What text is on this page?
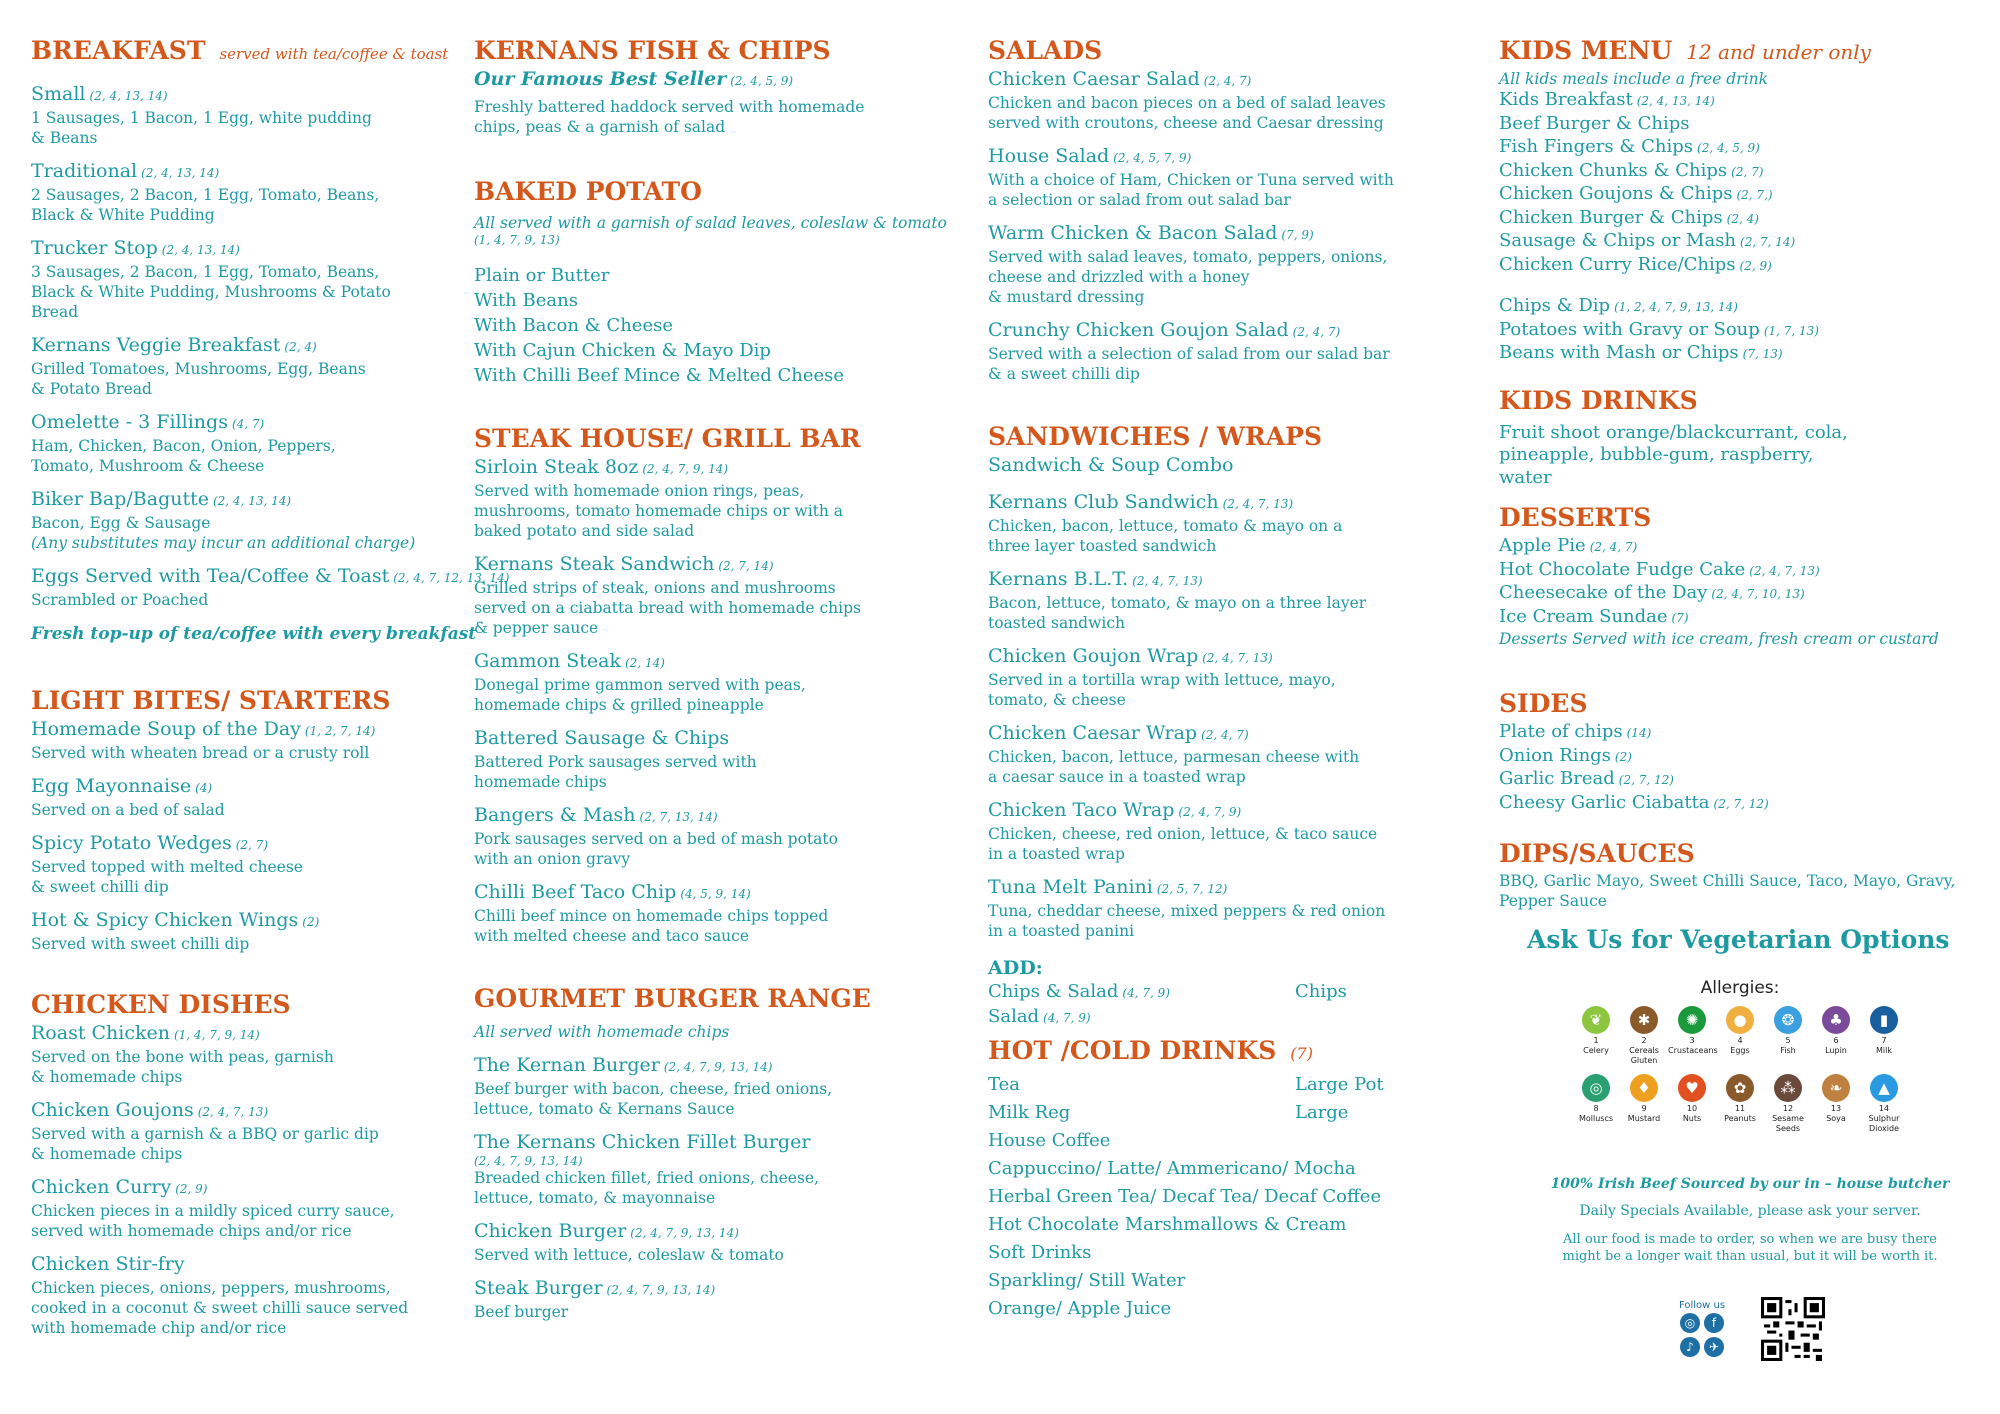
BREAKFAST served with tea/coffee & toast
Small (2, 4, 13, 14)
1 Sausages, 1 Bacon, 1 Egg, white pudding
& Beans
Traditional (2, 4, 13, 14)
2 Sausages, 2 Bacon, 1 Egg, Tomato, Beans,
Black & White Pudding
Trucker Stop (2, 4, 13, 14)
3 Sausages, 2 Bacon, 1 Egg, Tomato, Beans,
Black & White Pudding, Mushrooms & Potato
Bread
Kernans Veggie Breakfast (2, 4)
Grilled Tomatoes, Mushrooms, Egg, Beans
& Potato Bread
Omelette - 3 Fillings (4, 7)
Ham, Chicken, Bacon, Onion, Peppers,
Tomato, Mushroom & Cheese
Biker Bap/Bagutte (2, 4, 13, 14)
Bacon, Egg & Sausage
(Any substitutes may incur an additional charge)
Eggs Served with Tea/Coffee & Toast (2, 4, 7, 12, 13, 14)
Scrambled or Poached
Fresh top-up of tea/coffee with every breakfast
LIGHT BITES/ STARTERS
Homemade Soup of the Day (1, 2, 7, 14)
Served with wheaten bread or a crusty roll
Egg Mayonnaise (4)
Served on a bed of salad
Spicy Potato Wedges (2, 7)
Served topped with melted cheese
& sweet chilli dip
Hot & Spicy Chicken Wings (2)
Served with sweet chilli dip
CHICKEN DISHES
Roast Chicken (1, 4, 7, 9, 14)
Served on the bone with peas, garnish
& homemade chips
Chicken Goujons (2, 4, 7, 13)
Served with a garnish & a BBQ or garlic dip
& homemade chips
Chicken Curry (2, 9)
Chicken pieces in a mildly spiced curry sauce,
served with homemade chips and/or rice
Chicken Stir-fry
Chicken pieces, onions, peppers, mushrooms,
cooked in a coconut & sweet chilli sauce served
with homemade chip and/or rice
KERNANS FISH & CHIPS
Our Famous Best Seller (2, 4, 5, 9)
Freshly battered haddock served with homemade
chips, peas & a garnish of salad
BAKED POTATO
All served with a garnish of salad leaves, coleslaw & tomato
(1, 4, 7, 9, 13)
Plain or Butter
With Beans
With Bacon & Cheese
With Cajun Chicken & Mayo Dip
With Chilli Beef Mince & Melted Cheese
STEAK HOUSE/ GRILL BAR
Sirloin Steak 8oz (2, 4, 7, 9, 14)
Served with homemade onion rings, peas,
mushrooms, tomato homemade chips or with a
baked potato and side salad
Kernans Steak Sandwich (2, 7, 14)
Grilled strips of steak, onions and mushrooms
served on a ciabatta bread with homemade chips
& pepper sauce
Gammon Steak (2, 14)
Donegal prime gammon served with peas,
homemade chips & grilled pineapple
Battered Sausage & Chips
Battered Pork sausages served with
homemade chips
Bangers & Mash (2, 7, 13, 14)
Pork sausages served on a bed of mash potato
with an onion gravy
Chilli Beef Taco Chip (4, 5, 9, 14)
Chilli beef mince on homemade chips topped
with melted cheese and taco sauce
GOURMET BURGER RANGE
All served with homemade chips
The Kernan Burger (2, 4, 7, 9, 13, 14)
Beef burger with bacon, cheese, fried onions,
lettuce, tomato & Kernans Sauce
The Kernans Chicken Fillet Burger
(2, 4, 7, 9, 13, 14)
Breaded chicken fillet, fried onions, cheese,
lettuce, tomato, & mayonnaise
Chicken Burger (2, 4, 7, 9, 13, 14)
Served with lettuce, coleslaw & tomato
Steak Burger (2, 4, 7, 9, 13, 14)
Beef burger
SALADS
Chicken Caesar Salad (2, 4, 7)
Chicken and bacon pieces on a bed of salad leaves
served with croutons, cheese and Caesar dressing
House Salad (2, 4, 5, 7, 9)
With a choice of Ham, Chicken or Tuna served with
a selection or salad from out salad bar
Warm Chicken & Bacon Salad (7, 9)
Served with salad leaves, tomato, peppers, onions,
cheese and drizzled with a honey
& mustard dressing
Crunchy Chicken Goujon Salad (2, 4, 7)
Served with a selection of salad from our salad bar
& a sweet chilli dip
SANDWICHES / WRAPS
Sandwich & Soup Combo
Kernans Club Sandwich (2, 4, 7, 13)
Chicken, bacon, lettuce, tomato & mayo on a
three layer toasted sandwich
Kernans B.L.T. (2, 4, 7, 13)
Bacon, lettuce, tomato, & mayo on a three layer
toasted sandwich
Chicken Goujon Wrap (2, 4, 7, 13)
Served in a tortilla wrap with lettuce, mayo,
tomato, & cheese
Chicken Caesar Wrap (2, 4, 7)
Chicken, bacon, lettuce, parmesan cheese with
a caesar sauce in a toasted wrap
Chicken Taco Wrap (2, 4, 7, 9)
Chicken, cheese, red onion, lettuce, & taco sauce
in a toasted wrap
Tuna Melt Panini (2, 5, 7, 12)
Tuna, cheddar cheese, mixed peppers & red onion
in a toasted panini
ADD:
Chips & Salad (4, 7, 9)	Chips
Salad (4, 7, 9)
HOT /COLD DRINKS (7)
Tea	Large Pot
Milk Reg	Large
House Coffee
Cappuccino/ Latte/ Ammericano/ Mocha
Herbal Green Tea/ Decaf Tea/ Decaf Coffee
Hot Chocolate Marshmallows & Cream
Soft Drinks
Sparkling/ Still Water
Orange/ Apple Juice
KIDS MENU 12 and under only
All kids meals include a free drink
Kids Breakfast (2, 4, 13, 14)
Beef Burger & Chips
Fish Fingers & Chips (2, 4, 5, 9)
Chicken Chunks & Chips (2, 7)
Chicken Goujons & Chips (2, 7,)
Chicken Burger & Chips (2, 4)
Sausage & Chips or Mash (2, 7, 14)
Chicken Curry Rice/Chips (2, 9)
Chips & Dip (1, 2, 4, 7, 9, 13, 14)
Potatoes with Gravy or Soup (1, 7, 13)
Beans with Mash or Chips (7, 13)
KIDS DRINKS
Fruit shoot orange/blackcurrant, cola,
pineapple, bubble-gum, raspberry,
water
DESSERTS
Apple Pie (2, 4, 7)
Hot Chocolate Fudge Cake (2, 4, 7, 13)
Cheesecake of the Day (2, 4, 7, 10, 13)
Ice Cream Sundae (7)
Desserts Served with ice cream, fresh cream or custard
SIDES
Plate of chips (14)
Onion Rings (2)
Garlic Bread (2, 7, 12)
Cheesy Garlic Ciabatta (2, 7, 12)
DIPS/SAUCES
BBQ, Garlic Mayo, Sweet Chilli Sauce, Taco, Mayo, Gravy,
Pepper Sauce
Ask Us for Vegetarian Options
Allergies:
❦
1
Celery
✱
2
Cereals Gluten
✺
3
Crustaceans
●
4
Eggs
❂
5
Fish
♣
6
Lupin
▮
7
Milk
◎
8
Molluscs
♦
9
Mustard
♥
10
Nuts
✿
11
Peanuts
⁂
12
Sesame Seeds
❧
13
Soya
▲
14
Sulphur Dioxide
100% Irish Beef Sourced by our in – house butcher
Daily Specials Available, please ask your server.
All our food is made to order, so when we are busy there
might be a longer wait than usual, but it will be worth it.
Follow us
◎ f
♪ ✈
